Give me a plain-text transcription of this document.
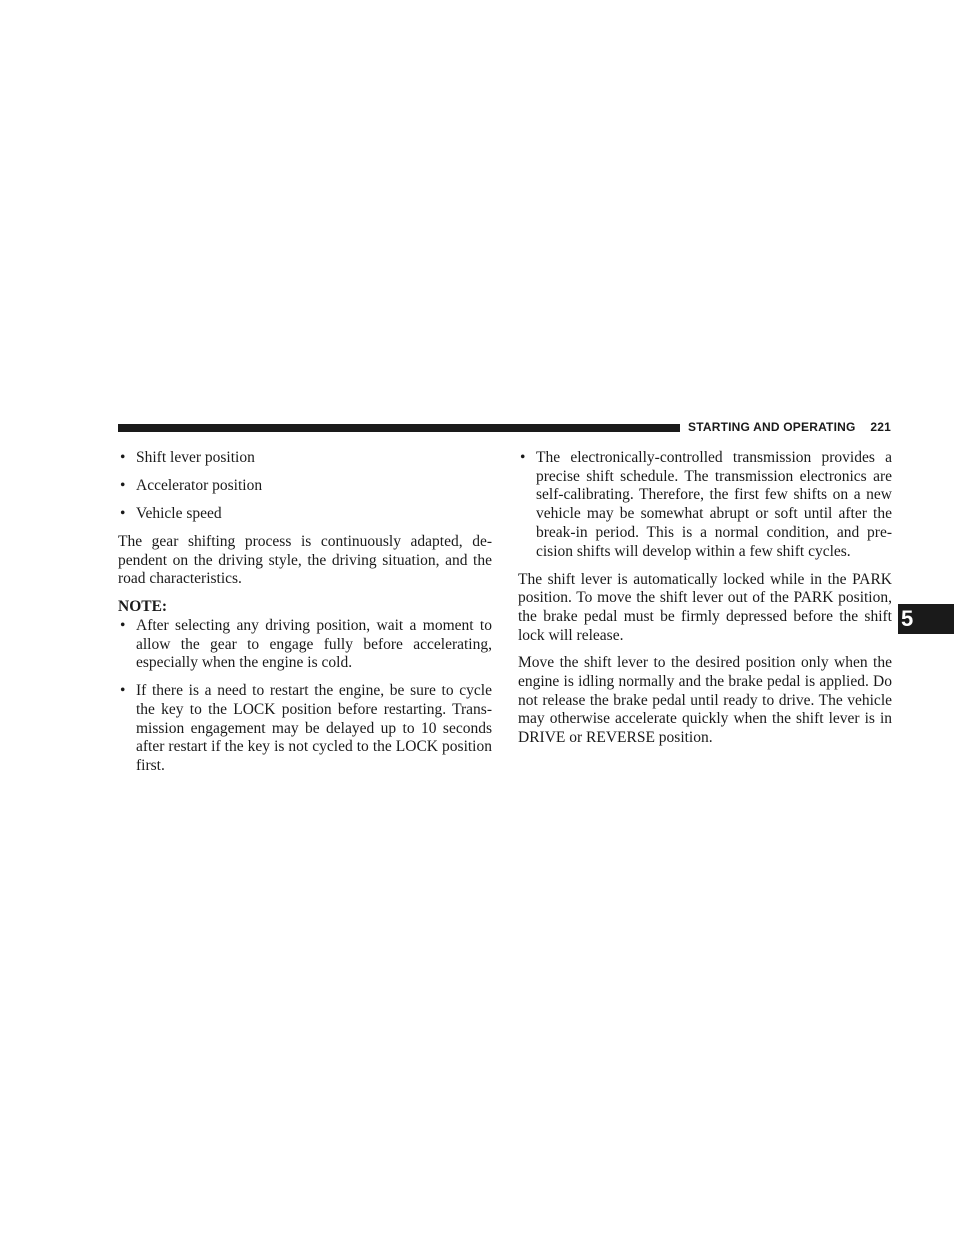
STARTING AND OPERATING 221
5
• Shift lever position
• Accelerator position
• Vehicle speed

The gear shifting process is continuously adapted, de-pendent on the driving style, the driving situation, and the road characteristics.

NOTE:
• After selecting any driving position, wait a moment to allow the gear to engage fully before accelerating, especially when the engine is cold.
• If there is a need to restart the engine, be sure to cycle the key to the LOCK position before restarting. Trans-mission engagement may be delayed up to 10 seconds after restart if the key is not cycled to the LOCK position first.
• The electronically-controlled transmission provides a precise shift schedule. The transmission electronics are self-calibrating. Therefore, the first few shifts on a new vehicle may be somewhat abrupt or soft until after the break-in period. This is a normal condition, and pre-cision shifts will develop within a few shift cycles.

The shift lever is automatically locked while in the PARK position. To move the shift lever out of the PARK position, the brake pedal must be firmly depressed before the shift lock will release.

Move the shift lever to the desired position only when the engine is idling normally and the brake pedal is applied. Do not release the brake pedal until ready to drive. The vehicle may otherwise accelerate quickly when the shift lever is in DRIVE or REVERSE position.
